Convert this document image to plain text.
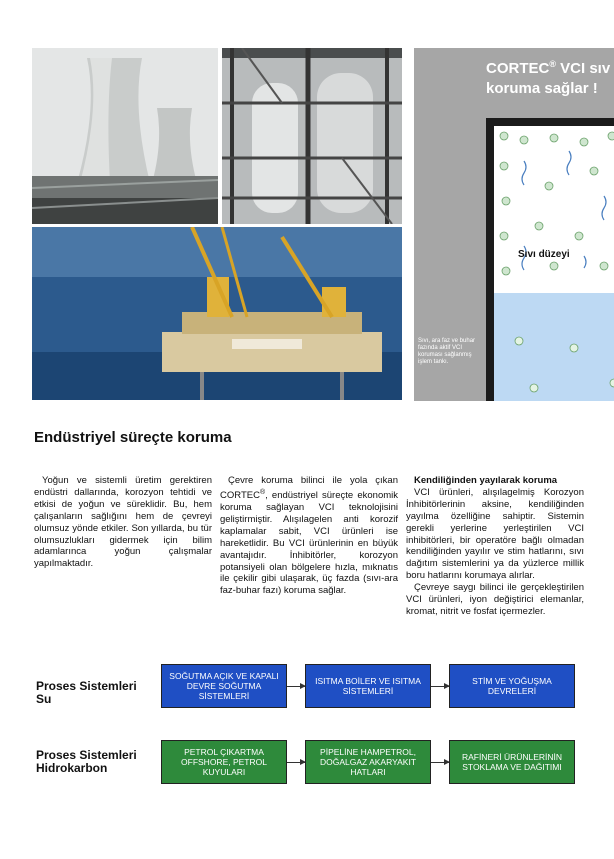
CORTEC® VCI sıv
koruma sağlar !
Sıvı düzeyi
Sıvı, ara faz ve buhar fazında aktif VCI koruması sağlanmış işlem tankı.
Endüstriyel süreçte koruma

Yoğun ve sistemli üretim gerektiren endüstri dallarında, korozyon tehtidi ve etkisi de yoğun ve süreklidir. Bu, hem çalışanların sağlığını hem de çevreyi olumsuz yönde etkiler. Son yıllarda, bu tür olumsuzlukları gidermek için bilim adamlarınca yoğun çalışmalar yapılmaktadır.

Çevre koruma bilinci ile yola çıkan CORTEC®, endüstriyel süreçte ekonomik koruma sağlayan VCI teknolojisini geliştirmiştir. Alışılagelen anti korozif kaplamalar sabit, VCI ürünleri ise hareketlidir. Bu VCI ürünlerinin en büyük avantajıdır. İnhibitörler, korozyon potansiyeli olan bölgelere hızla, mıknatıs ile çekilir gibi ulaşarak, üç fazda (sıvı-ara faz-buhar fazı) koruma sağlar.

Kendiliğinden yayılarak koruma

VCI ürünleri, alışılagelmiş Korozyon İnhibitörlerinin aksine, kendiliğinden yayılma özelliğine sahiptir. Sistemin gerekli yerlerine yerleştirilen VCI inhibitörleri, bir operatöre bağlı olmadan kendiliğinden yayılır ve stim hatlarını, sıvı dağıtım sistemlerini ya da yüzlerce millik boru hatlarını korumaya alırlar.

Çevreye saygı bilinci ile gerçekleştirilen VCI ürünleri, iyon değiştirici elemanlar, kromat, nitrit ve fosfat içermezler.

Proses Sistemleri
Su
SOĞUTMA AÇIK VE KAPALI DEVRE SOĞUTMA SİSTEMLERİ
ISITMA BOİLER VE ISITMA SİSTEMLERİ
STİM VE YOĞUŞMA DEVRELERİ
Proses Sistemleri
Hidrokarbon
PETROL ÇIKARTMA OFFSHORE, PETROL KUYULARI
PİPELİNE HAMPETROL, DOĞALGAZ AKARYAKIT HATLARI
RAFİNERİ ÜRÜNLERİNİN STOKLAMA VE DAĞITIMI
